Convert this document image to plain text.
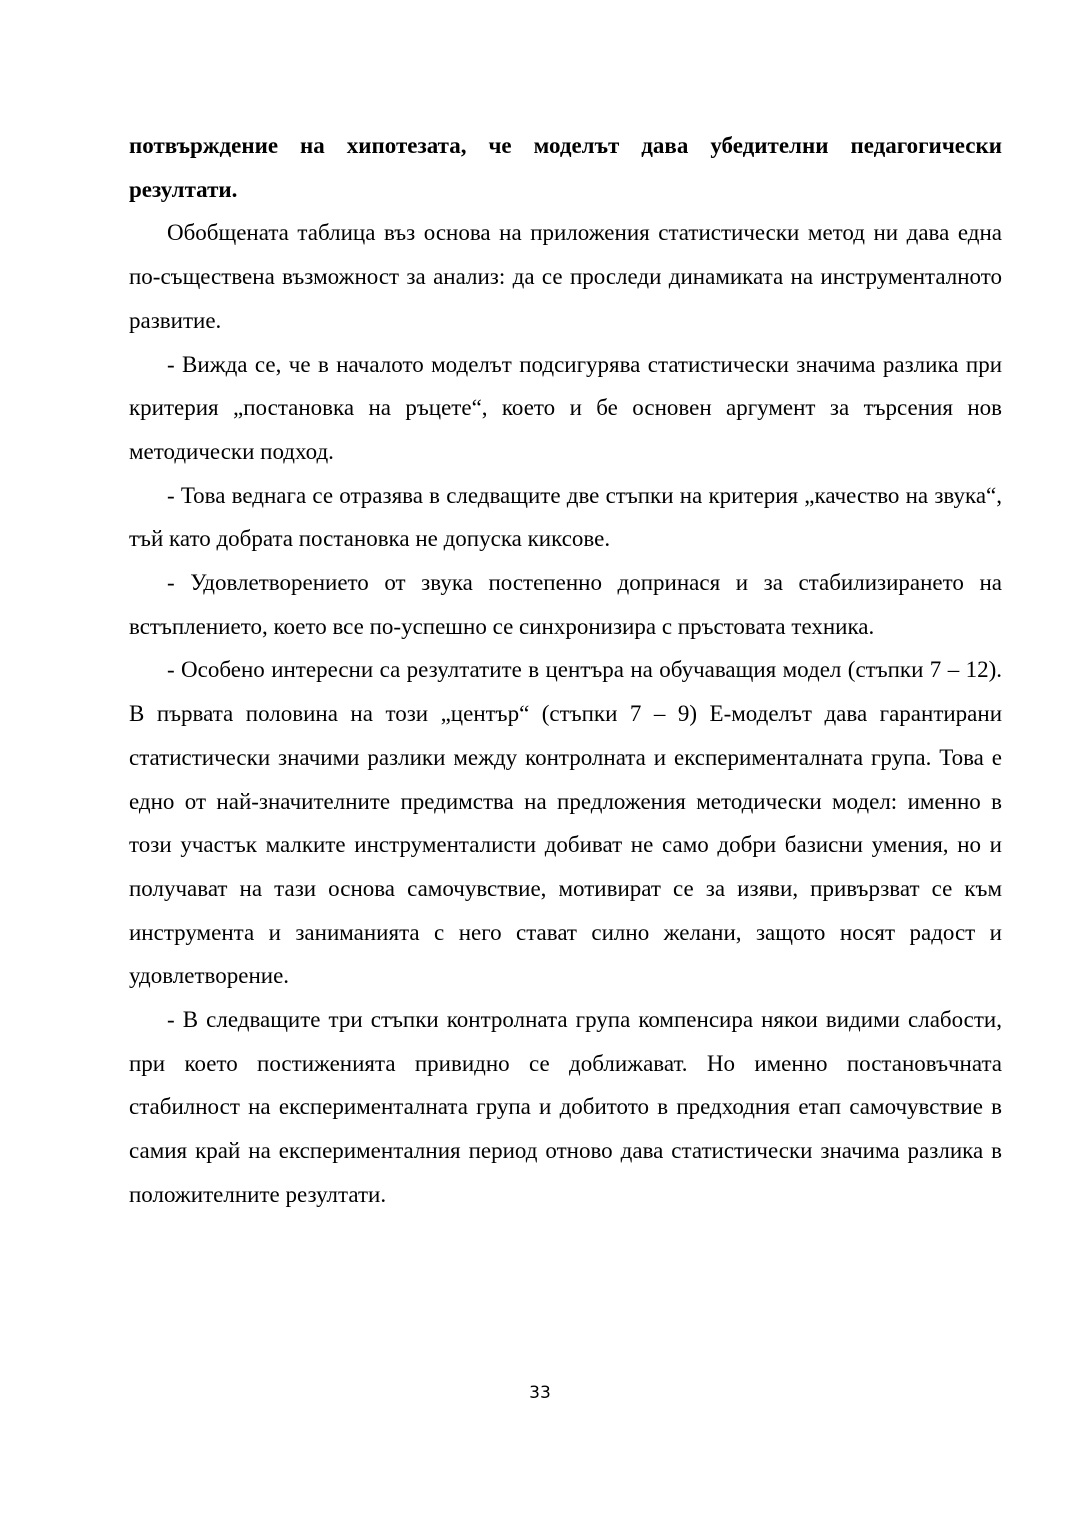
потвърждение на хипотезата, че моделът дава убедителни педагогически резултати.

Обобщената таблица въз основа на приложения статистически метод ни дава една по-съществена възможност за анализ: да се проследи динамиката на инструменталното развитие.

- Вижда се, че в началото моделът подсигурява статистически значима разлика при критерия „постановка на ръцете“, което и бе основен аргумент за търсения нов методически подход.

- Това веднага се отразява в следващите две стъпки на критерия „качество на звука“, тъй като добрата постановка не допуска киксове.

- Удовлетворението от звука постепенно допринася и за стабилизирането на встъплението, което все по-успешно се синхронизира с пръстовата техника.

- Особено интересни са резултатите в центъра на обучаващия модел (стъпки 7 – 12). В първата половина на този „център“ (стъпки 7 – 9) Е-моделът дава гарантирани статистически значими разлики между контролната и експерименталната група. Това е едно от най-значителните предимства на предложения методически модел: именно в този участък малките инструменталисти добиват не само добри базисни умения, но и получават на тази основа самочувствие, мотивират се за изяви, привързват се към инструмента и заниманията с него стават силно желани, защото носят радост и удовлетворение.

- В следващите три стъпки контролната група компенсира някои видими слабости, при което постиженията привидно се доближават. Но именно постановъчната стабилност на експерименталната група и добитото в предходния етап самочувствие в самия край на експерименталния период отново дава статистически значима разлика в положителните резултати.

33
